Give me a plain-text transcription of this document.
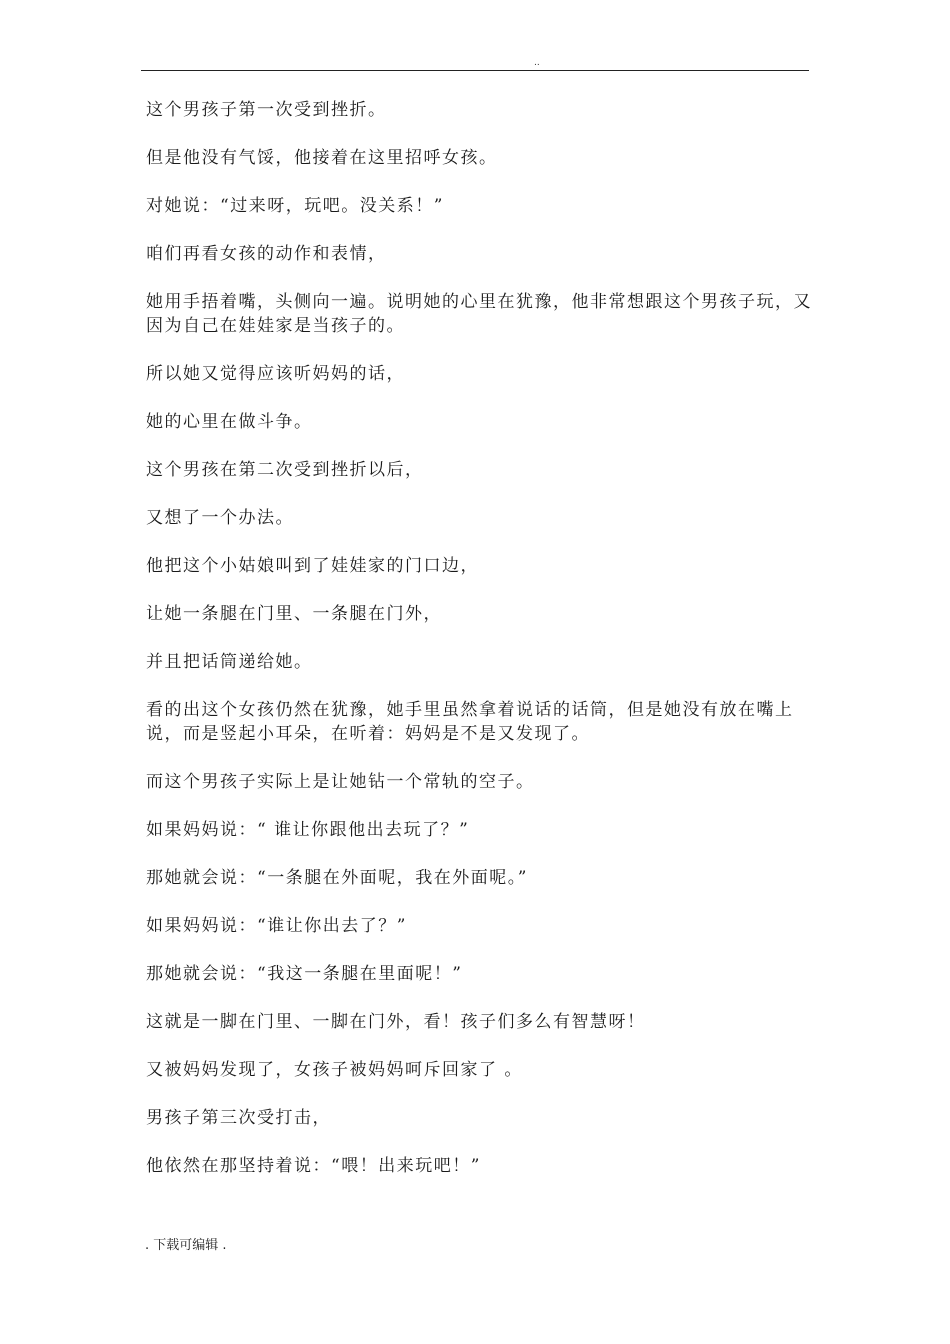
..

这个男孩子第一次受到挫折。

但是他没有气馁，他接着在这里招呼女孩。

对她说：“过来呀，玩吧。没关系！”

咱们再看女孩的动作和表情，

她用手捂着嘴，头侧向一遍。说明她的心里在犹豫，他非常想跟这个男孩子玩，又因为自己在娃娃家是当孩子的。

所以她又觉得应该听妈妈的话，

她的心里在做斗争。

这个男孩在第二次受到挫折以后，

又想了一个办法。

他把这个小姑娘叫到了娃娃家的门口边，

让她一条腿在门里、一条腿在门外，

并且把话筒递给她。

看的出这个女孩仍然在犹豫，她手里虽然拿着说话的话筒，但是她没有放在嘴上说，而是竖起小耳朵，在听着：妈妈是不是又发现了。

而这个男孩子实际上是让她钻一个常轨的空子。

如果妈妈说：“ 谁让你跟他出去玩了？”

那她就会说：“一条腿在外面呢，我在外面呢。”

如果妈妈说：“谁让你出去了？”

那她就会说：“我这一条腿在里面呢！”

这就是一脚在门里、一脚在门外，看！孩子们多么有智慧呀！

又被妈妈发现了，女孩子被妈妈呵斥回家了 。

男孩子第三次受打击，

他依然在那坚持着说：“喂！出来玩吧！”

. 下载可编辑 .
